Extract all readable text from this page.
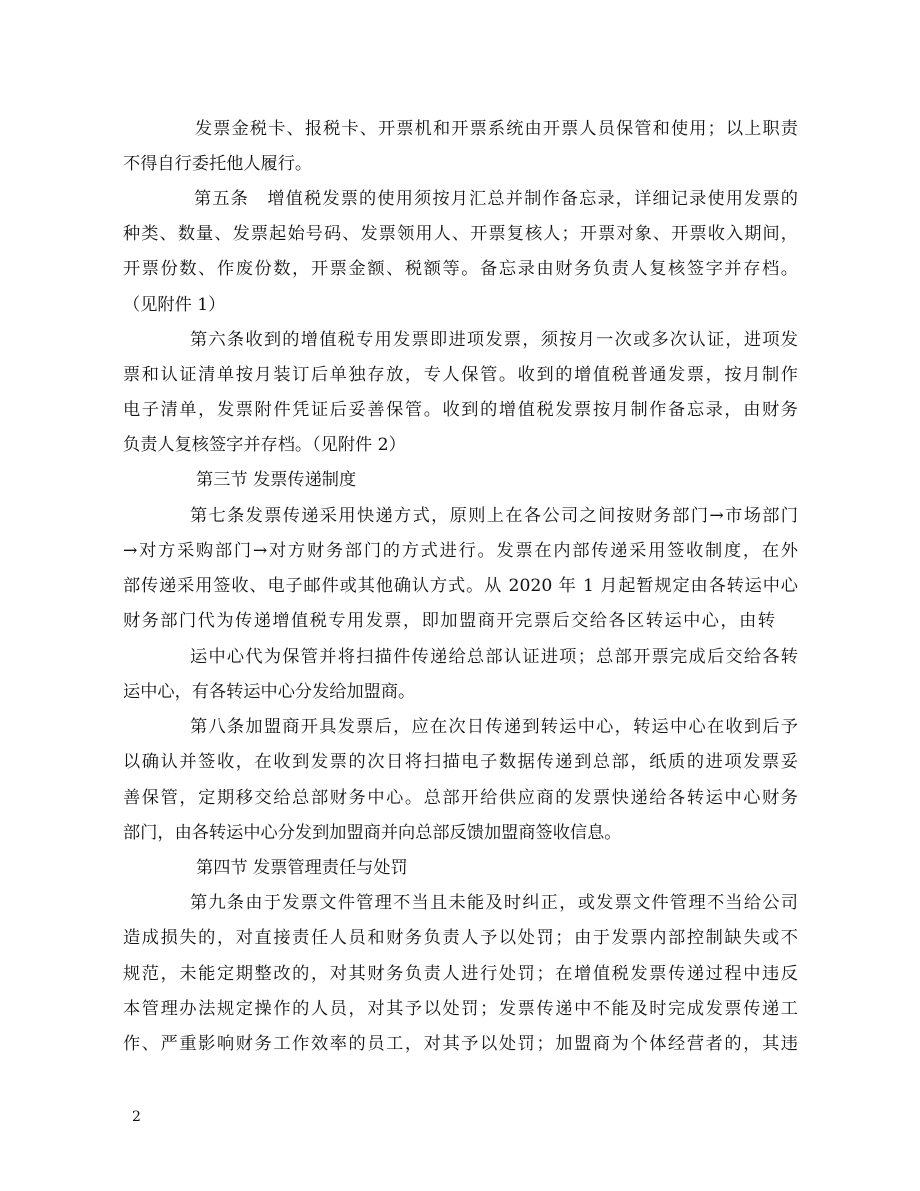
发票金税卡、报税卡、开票机和开票系统由开票人员保管和使用；以上职责

不得自行委托他人履行。

第五条　增值税发票的使用须按月汇总并制作备忘录，详细记录使用发票的

种类、数量、发票起始号码、发票领用人、开票复核人；开票对象、开票收入期间，

开票份数、作废份数，开票金额、税额等。备忘录由财务负责人复核签字并存档。

（见附件 1）

第六条收到的增值税专用发票即进项发票，须按月一次或多次认证，进项发

票和认证清单按月装订后单独存放，专人保管。收到的增值税普通发票，按月制作

电子清单，发票附件凭证后妥善保管。收到的增值税发票按月制作备忘录，由财务

负责人复核签字并存档。（见附件 2）

第三节 发票传递制度

第七条发票传递采用快递方式，原则上在各公司之间按财务部门→市场部门

→对方采购部门→对方财务部门的方式进行。发票在内部传递采用签收制度，在外

部传递采用签收、电子邮件或其他确认方式。从 2020 年 1 月起暂规定由各转运中心

财务部门代为传递增值税专用发票，即加盟商开完票后交给各区转运中心，由转

运中心代为保管并将扫描件传递给总部认证进项；总部开票完成后交给各转

运中心，有各转运中心分发给加盟商。

第八条加盟商开具发票后，应在次日传递到转运中心，转运中心在收到后予

以确认并签收，在收到发票的次日将扫描电子数据传递到总部，纸质的进项发票妥

善保管，定期移交给总部财务中心。总部开给供应商的发票快递给各转运中心财务

部门，由各转运中心分发到加盟商并向总部反馈加盟商签收信息。

第四节 发票管理责任与处罚

第九条由于发票文件管理不当且未能及时纠正，或发票文件管理不当给公司

造成损失的，对直接责任人员和财务负责人予以处罚；由于发票内部控制缺失或不

规范，未能定期整改的，对其财务负责人进行处罚；在增值税发票传递过程中违反

本管理办法规定操作的人员，对其予以处罚；发票传递中不能及时完成发票传递工

作、严重影响财务工作效率的员工，对其予以处罚；加盟商为个体经营者的，其违

2
